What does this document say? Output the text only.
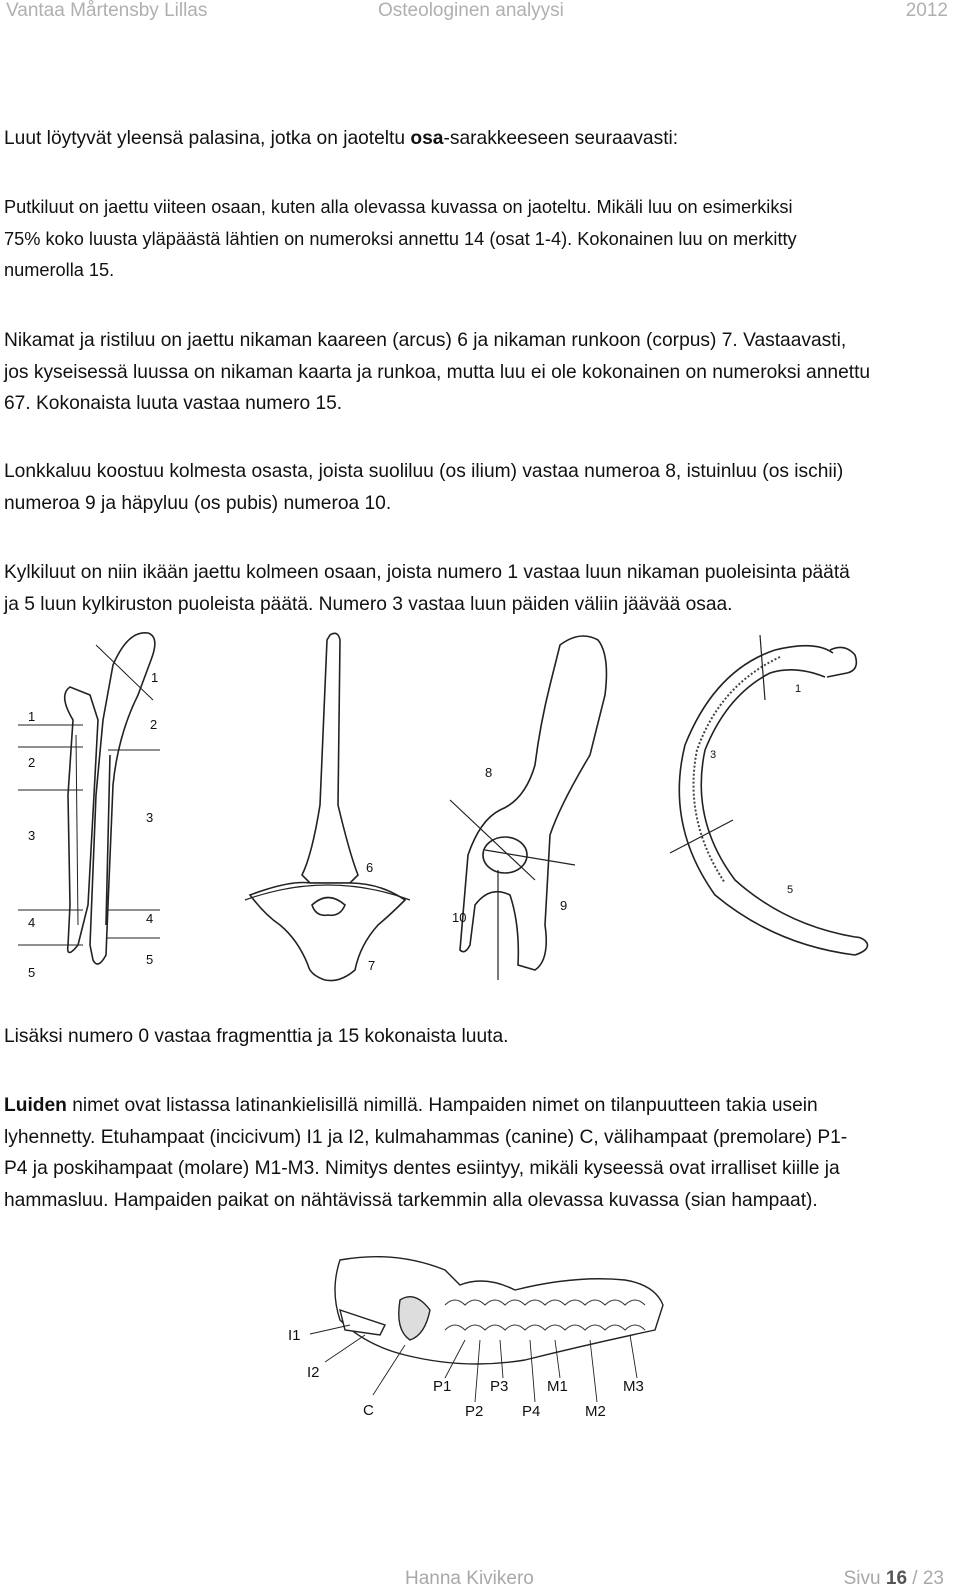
Vantaa Mårtensby Lillas	Osteologinen analyysi	2012

Luut löytyvät yleensä palasina, jotka on jaoteltu osa-sarakkeeseen seuraavasti:

Putkiluut on jaettu viiteen osaan, kuten alla olevassa kuvassa on jaoteltu. Mikäli luu on esimerkiksi
75% koko luusta yläpäästä lähtien on numeroksi annettu 14 (osat 1-4). Kokonainen luu on merkitty
numerolla 15.

Nikamat ja ristiluu on jaettu nikaman kaareen (arcus) 6 ja nikaman runkoon (corpus) 7. Vastaavasti,
jos kyseisessä luussa on nikaman kaarta ja runkoa, mutta luu ei ole kokonainen on numeroksi annettu
67. Kokonaista luuta vastaa numero 15.

Lonkkaluu koostuu kolmesta osasta, joista suoliluu (os ilium) vastaa numeroa 8, istuinluu (os ischii)
numeroa 9 ja häpyluu (os pubis) numeroa 10.

Kylkiluut on niin ikään jaettu kolmeen osaan, joista numero 1 vastaa luun nikaman puoleisinta päätä
ja 5 luun kylkiruston puoleista päätä. Numero 3 vastaa luun päiden väliin jäävää osaa.

1
2
3
4
5
1
2
3
4
5
6
7
8
9
10
1
3
5

Lisäksi numero 0 vastaa fragmenttia ja 15 kokonaista luuta.

Luiden nimet ovat listassa latinankielisillä nimillä. Hampaiden nimet on tilanpuutteen takia usein
lyhennetty. Etuhampaat (incicivum) I1 ja I2, kulmahammas (canine) C, välihampaat (premolare) P1-
P4 ja poskihampaat (molare) M1-M3. Nimitys dentes esiintyy, mikäli kyseessä ovat irralliset kiille ja
hammasluu. Hampaiden paikat on nähtävissä tarkemmin alla olevassa kuvassa (sian hampaat).

I1
I2
C
P1
P2
P3
P4
M1
M2
M3
Hanna Kivikero	Sivu 16 / 23
